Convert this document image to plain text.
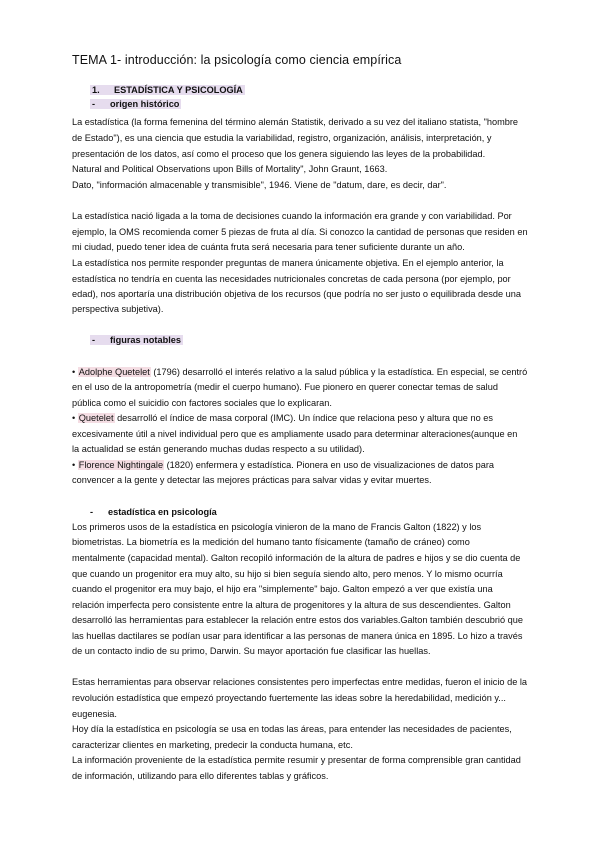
TEMA 1- introducción: la psicología como ciencia empírica
1. ESTADÍSTICA Y PSICOLOGÍA
- origen histórico
La estadística (la forma femenina del término alemán Statistik, derivado a su vez del italiano statista, "hombre
de Estado"), es una ciencia que estudia la variabilidad, registro, organización, análisis, interpretación, y
presentación de los datos, así como el proceso que los genera siguiendo las leyes de la probabilidad.
Natural and Political Observations upon Bills of Mortality", John Graunt, 1663.
Dato, "información almacenable y transmisible", 1946. Viene de "datum, dare, es decir, dar".
La estadística nació ligada a la toma de decisiones cuando la información era grande y con variabilidad. Por
ejemplo, la OMS recomienda comer 5 piezas de fruta al día. Si conozco la cantidad de personas que residen en
mi ciudad, puedo tener idea de cuánta fruta será necesaria para tener suficiente durante un año.
La estadística nos permite responder preguntas de manera únicamente objetiva. En el ejemplo anterior, la
estadística no tendría en cuenta las necesidades nutricionales concretas de cada persona (por ejemplo, por
edad), nos aportaría una distribución objetiva de los recursos (que podría no ser justo o equilibrada desde una
perspectiva subjetiva).
- figuras notables
• Adolphe Quetelet (1796) desarrolló el interés relativo a la salud pública y la estadística. En especial, se centró
en el uso de la antropometría (medir el cuerpo humano). Fue pionero en querer conectar temas de salud
pública como el suicidio con factores sociales que lo explicaran.
• Quetelet desarrolló el índice de masa corporal (IMC). Un índice que relaciona peso y altura que no es
excesivamente útil a nivel individual pero que es ampliamente usado para determinar alteraciones(aunque en
la actualidad se están generando muchas dudas respecto a su utilidad).
• Florence Nightingale (1820) enfermera y estadística. Pionera en uso de visualizaciones de datos para
convencer a la gente y detectar las mejores prácticas para salvar vidas y evitar muertes.
- estadística en psicología
Los primeros usos de la estadística en psicología vinieron de la mano de Francis Galton (1822) y los
biometristas. La biometría es la medición del humano tanto físicamente (tamaño de cráneo) como
mentalmente (capacidad mental). Galton recopiló información de la altura de padres e hijos y se dio cuenta de
que cuando un progenitor era muy alto, su hijo si bien seguía siendo alto, pero menos. Y lo mismo ocurría
cuando el progenitor era muy bajo, el hijo era "simplemente" bajo. Galton empezó a ver que existía una
relación imperfecta pero consistente entre la altura de progenitores y la altura de sus descendientes. Galton
desarrolló las herramientas para establecer la relación entre estos dos variables.Galton también descubrió que
las huellas dactilares se podían usar para identificar a las personas de manera única en 1895. Lo hizo a través
de un contacto indio de su primo, Darwin. Su mayor aportación fue clasificar las huellas.
Estas herramientas para observar relaciones consistentes pero imperfectas entre medidas, fueron el inicio de la
revolución estadística que empezó proyectando fuertemente las ideas sobre la heredabilidad, medición y...
eugenesia.
Hoy día la estadística en psicología se usa en todas las áreas, para entender las necesidades de pacientes,
caracterizar clientes en marketing, predecir la conducta humana, etc.
La información proveniente de la estadística permite resumir y presentar de forma comprensible gran cantidad
de información, utilizando para ello diferentes tablas y gráficos.
